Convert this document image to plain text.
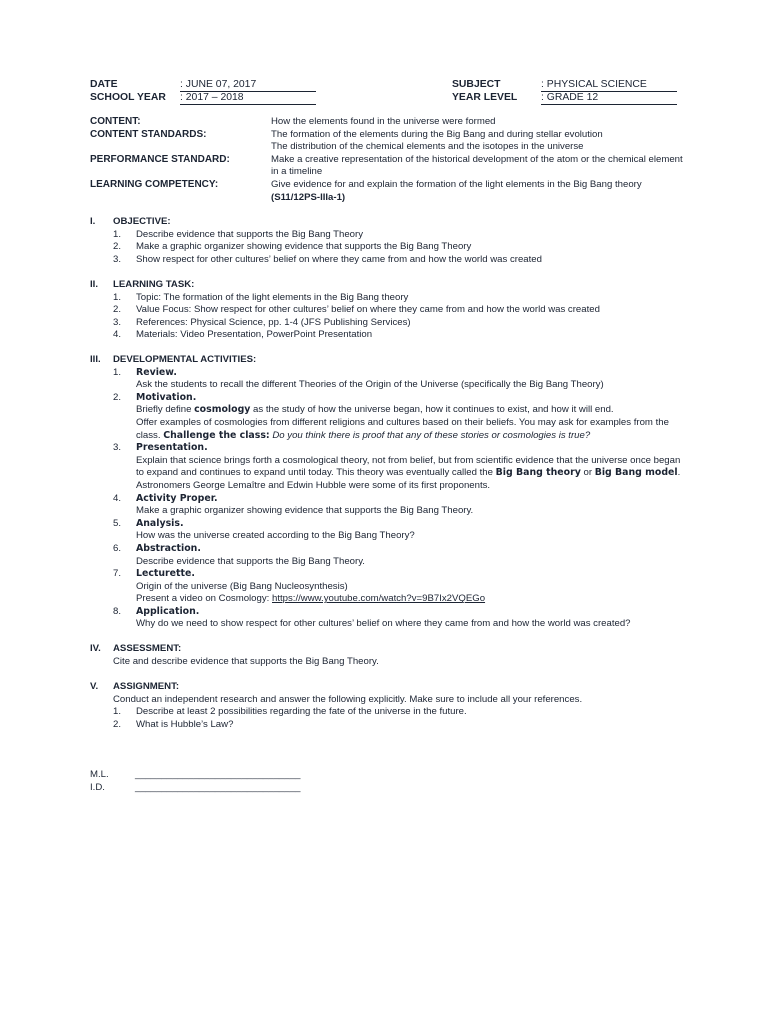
DATE	: JUNE 07, 2017
SCHOOL YEAR : 2017 – 2018
SUBJECT	: PHYSICAL SCIENCE
YEAR LEVEL : GRADE 12
CONTENT:	How the elements found in the universe were formed
CONTENT STANDARDS:	The formation of the elements during the Big Bang and during stellar evolution
The distribution of the chemical elements and the isotopes in the universe
PERFORMANCE STANDARD:	Make a creative representation of the historical development of the atom or the chemical element in a timeline
LEARNING COMPETENCY:	Give evidence for and explain the formation of the light elements in the Big Bang theory
(S11/12PS-IIIa-1)
I.	OBJECTIVE:
1.	Describe evidence that supports the Big Bang Theory
2.	Make a graphic organizer showing evidence that supports the Big Bang Theory
3.	Show respect for other cultures’ belief on where they came from and how the world was created
II.	LEARNING TASK:
1.	Topic: The formation of the light elements in the Big Bang theory
2.	Value Focus: Show respect for other cultures’ belief on where they came from and how the world was created
3.	References: Physical Science, pp. 1-4 (JFS Publishing Services)
4.	Materials: Video Presentation, PowerPoint Presentation
III.	DEVELOPMENTAL ACTIVITIES:
1.	Review.
Ask the students to recall the different Theories of the Origin of the Universe (specifically the Big Bang Theory)
2.	Motivation.
Briefly define cosmology as the study of how the universe began, how it continues to exist, and how it will end.
Offer examples of cosmologies from different religions and cultures based on their beliefs. You may ask for examples from the class. Challenge the class: Do you think there is proof that any of these stories or cosmologies is true?
3.	Presentation.
Explain that science brings forth a cosmological theory, not from belief, but from scientific evidence that the universe once began to expand and continues to expand until today. This theory was eventually called the Big Bang theory or Big Bang model. Astronomers George Lemaître and Edwin Hubble were some of its first proponents.
4.	Activity Proper.
Make a graphic organizer showing evidence that supports the Big Bang Theory.
5.	Analysis.
How was the universe created according to the Big Bang Theory?
6.	Abstraction.
Describe evidence that supports the Big Bang Theory.
7.	Lecturette.
Origin of the universe (Big Bang Nucleosynthesis)
Present a video on Cosmology: https://www.youtube.com/watch?v=9B7Ix2VQEGo
8.	Application.
Why do we need to show respect for other cultures’ belief on where they came from and how the world was created?
IV.	ASSESSMENT:
Cite and describe evidence that supports the Big Bang Theory.
V.	ASSIGNMENT:
Conduct an independent research and answer the following explicitly. Make sure to include all your references.
1.	Describe at least 2 possibilities regarding the fate of the universe in the future.
2.	What is Hubble’s Law?
M.L.	_______________________________
I.D.	_______________________________
